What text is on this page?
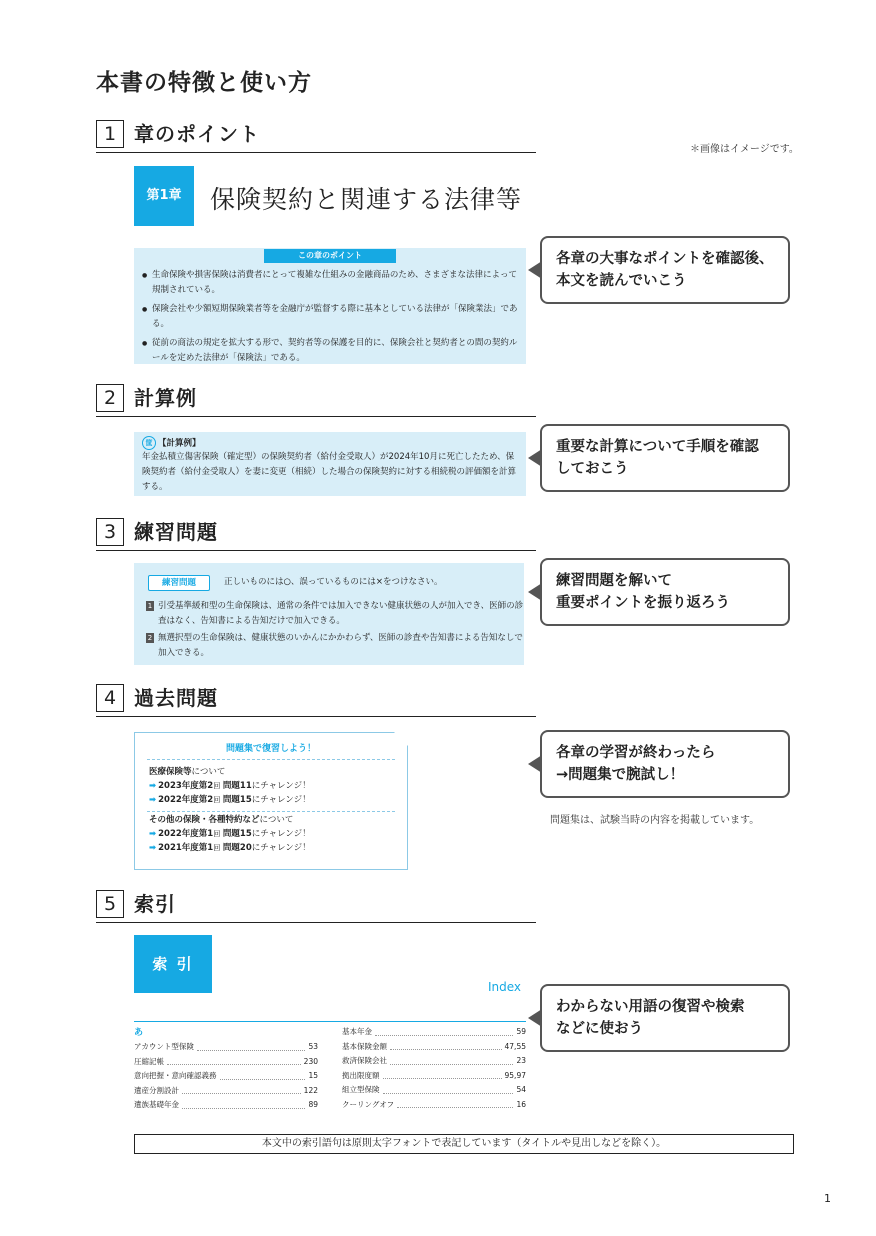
本書の特徴と使い方
＊画像はイメージです。
1 章のポイント
第1章	保険契約と関連する法律等
この章のポイント
● 生命保険や損害保険は消費者にとって複雑な仕組みの金融商品のため、さまざまな法律によって規制されている。
● 保険会社や少額短期保険業者等を金融庁が監督する際に基本としている法律が「保険業法」である。
● 従前の商法の規定を拡大する形で、契約者等の保護を目的に、保険会社と契約者との間の契約ルールを定めた法律が「保険法」である。
各章の大事なポイントを確認後、
本文を読んでいこう
2 計算例
筐 【計算例】
年金払積立傷害保険（確定型）の保険契約者（給付金受取人）が2024年10月に死亡したため、保険契約者（給付金受取人）を妻に変更（相続）した場合の保険契約に対する相続税の評価額を計算する。
重要な計算について手順を確認
しておこう
3 練習問題
練習問題	正しいものには○、誤っているものには×をつけなさい。
1 引受基準緩和型の生命保険は、通常の条件では加入できない健康状態の人が加入でき、医師の診査はなく、告知書による告知だけで加入できる。
2 無選択型の生命保険は、健康状態のいかんにかかわらず、医師の診査や告知書による告知なしで加入できる。
練習問題を解いて
重要ポイントを振り返ろう
4 過去問題
問題集で復習しよう！
医療保険等について
➡ 2023年度第2回 問題11にチャレンジ！
➡ 2022年度第2回 問題15にチャレンジ！
その他の保険・各種特約などについて
➡ 2022年度第1回 問題15にチャレンジ！
➡ 2021年度第1回 問題20にチャレンジ！
各章の学習が終わったら
→問題集で腕試し！
問題集は、試験当時の内容を掲載しています。
5 索引
索 引
Index
あ
アカウント型保険	53
圧縮記帳	230
意向把握・意向確認義務	15
遺産分割設計	122
遺族基礎年金	89
基本年金	59
基本保険金額	47,55
救済保険会社	23
拠出限度額	95,97
組立型保険	54
クーリングオフ	16
わからない用語の復習や検索
などに使おう
本文中の索引語句は原則太字フォントで表記しています（タイトルや見出しなどを除く）。
1
